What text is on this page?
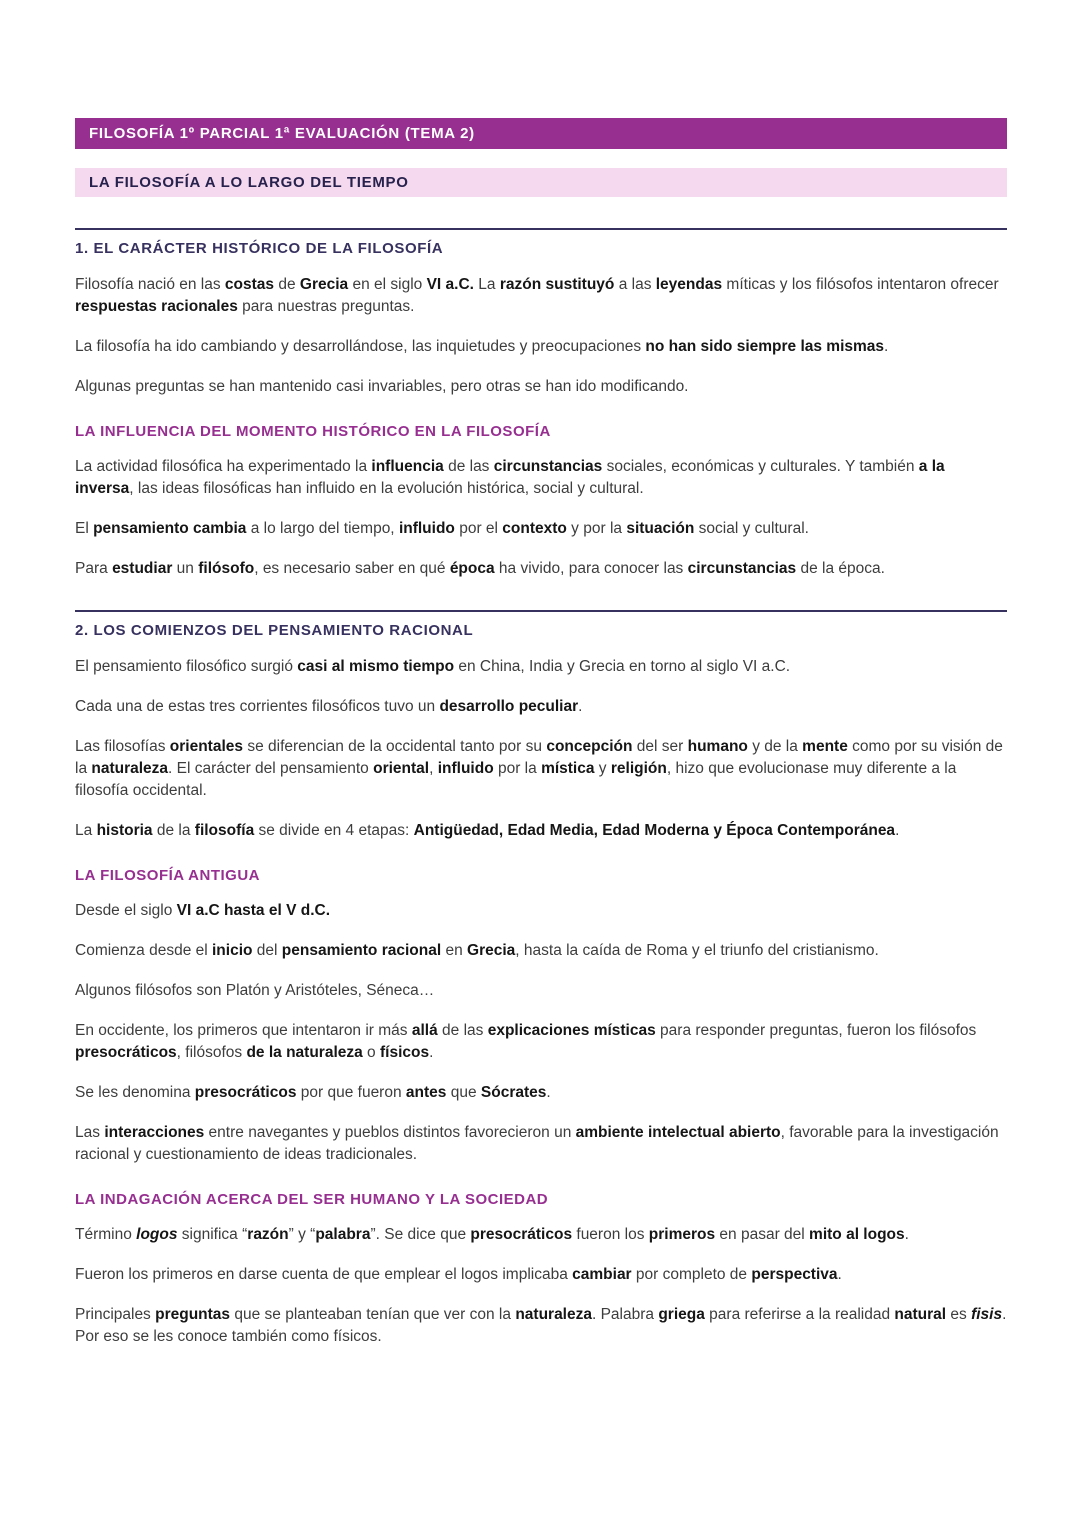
FILOSOFÍA 1º PARCIAL 1ª EVALUACIÓN (TEMA 2)
LA FILOSOFÍA A LO LARGO DEL TIEMPO
1. EL CARÁCTER HISTÓRICO DE LA FILOSOFÍA

Filosofía nació en las costas de Grecia en el siglo VI a.C. La razón sustituyó a las leyendas míticas y los filósofos intentaron ofrecer respuestas racionales para nuestras preguntas.

La filosofía ha ido cambiando y desarrollándose, las inquietudes y preocupaciones no han sido siempre las mismas.

Algunas preguntas se han mantenido casi invariables, pero otras se han ido modificando.

LA INFLUENCIA DEL MOMENTO HISTÓRICO EN LA FILOSOFÍA

La actividad filosófica ha experimentado la influencia de las circunstancias sociales, económicas y culturales. Y también a la inversa, las ideas filosóficas han influido en la evolución histórica, social y cultural.

El pensamiento cambia a lo largo del tiempo, influido por el contexto y por la situación social y cultural.

Para estudiar un filósofo, es necesario saber en qué época ha vivido, para conocer las circunstancias de la época.

2. LOS COMIENZOS DEL PENSAMIENTO RACIONAL

El pensamiento filosófico surgió casi al mismo tiempo en China, India y Grecia en torno al siglo VI a.C.

Cada una de estas tres corrientes filosóficos tuvo un desarrollo peculiar.

Las filosofías orientales se diferencian de la occidental tanto por su concepción del ser humano y de la mente como por su visión de la naturaleza. El carácter del pensamiento oriental, influido por la mística y religión, hizo que evolucionase muy diferente a la filosofía occidental.

La historia de la filosofía se divide en 4 etapas: Antigüedad, Edad Media, Edad Moderna y Época Contemporánea.

LA FILOSOFÍA ANTIGUA

Desde el siglo VI a.C hasta el V d.C.

Comienza desde el inicio del pensamiento racional en Grecia, hasta la caída de Roma y el triunfo del cristianismo.

Algunos filósofos son Platón y Aristóteles, Séneca…

En occidente, los primeros que intentaron ir más allá de las explicaciones místicas para responder preguntas, fueron los filósofos presocráticos, filósofos de la naturaleza o físicos.

Se les denomina presocráticos por que fueron antes que Sócrates.

Las interacciones entre navegantes y pueblos distintos favorecieron un ambiente intelectual abierto, favorable para la investigación racional y cuestionamiento de ideas tradicionales.

LA INDAGACIÓN ACERCA DEL SER HUMANO Y LA SOCIEDAD

Término logos significa “razón” y “palabra”. Se dice que presocráticos fueron los primeros en pasar del mito al logos.

Fueron los primeros en darse cuenta de que emplear el logos implicaba cambiar por completo de perspectiva.

Principales preguntas que se planteaban tenían que ver con la naturaleza. Palabra griega para referirse a la realidad natural es fisis. Por eso se les conoce también como físicos.
